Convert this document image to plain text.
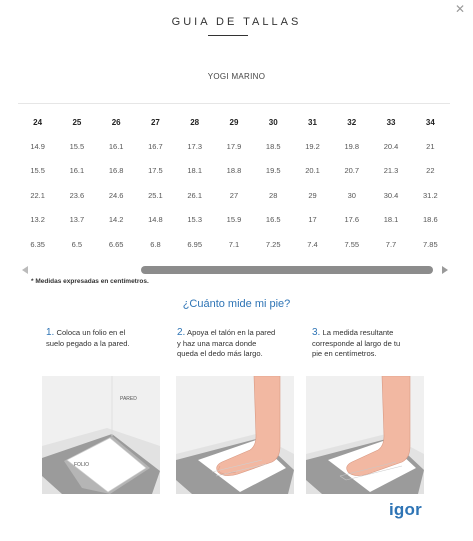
✕
GUIA DE TALLAS
YOGI MARINO
24	25	26	27	28	29	30	31	32	33	34
14.9	15.5	16.1	16.7	17.3	17.9	18.5	19.2	19.8	20.4	21
15.5	16.1	16.8	17.5	18.1	18.8	19.5	20.1	20.7	21.3	22
22.1	23.6	24.6	25.1	26.1	27	28	29	30	30.4	31.2
13.2	13.7	14.2	14.8	15.3	15.9	16.5	17	17.6	18.1	18.6
6.35	6.5	6.65	6.8	6.95	7.1	7.25	7.4	7.55	7.7	7.85
* Medidas expresadas en centímetros.
¿Cuánto mide mi pie?
1. Coloca un folio en el
suelo pegado a la pared.
2. Apoya el talón en la pared
y haz una marca donde
queda el dedo más largo.
3. La medida resultante
corresponde al largo de tu
pie en centímetros.
PARED
FOLIO
igor
